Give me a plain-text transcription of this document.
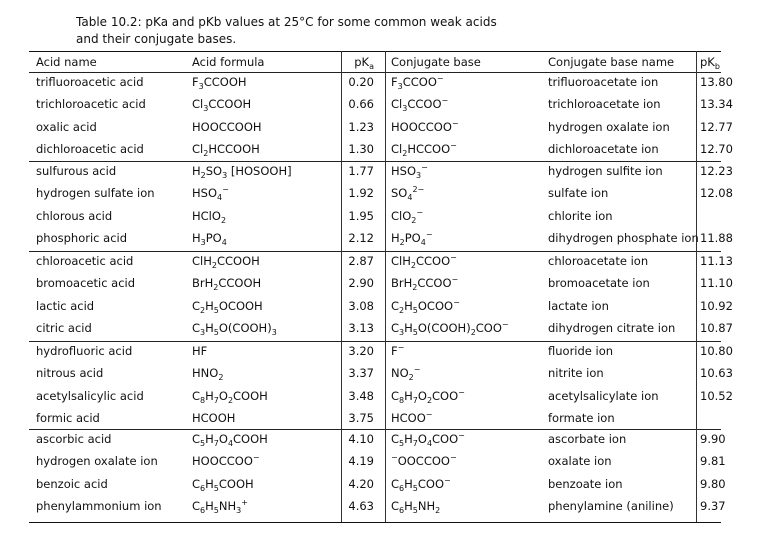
Table 10.2: pKa and pKb values at 25°C for some common weak acids
and their conjugate bases.
Acid name	Acid formula	$pK_a$ Conjugate base	Conjugate base name	$pK_b$
trifluoroacetic acid	$F_3CCOOH$	0.20 $F_3CCOO^-$	trifluoroacetate ion	13.80
trichloroacetic acid	$Cl_3CCOOH$	0.66 $Cl_3CCOO^-$	trichloroacetate ion	13.34
oxalic acid	HOOCCOOH	1.23 HOOCCOO−	hydrogen oxalate ion	12.77
dichloroacetic acid	$Cl_2HCCOOH$	1.30 $Cl_2HCCOO^-$	dichloroacetate ion	12.70
sulfurous acid	$H_2SO_3$ [HOSOOH]	1.77 $HSO_3^-$	hydrogen sulfite ion	12.23
hydrogen sulfate ion	$HSO_4^-$	1.92 $SO_4^{2-}$	sulfate ion	12.08
chlorous acid	HClO$_2$	1.95 ClO$_2$−	chlorite ion
phosphoric acid	$H_3PO_4$	2.12 $H_2PO_4^-$	dihydrogen phosphate ion 11.88
chloroacetic acid	ClH$_2$CCOOH	2.87 ClH$_2$CCOO−	chloroacetate ion	11.13
bromoacetic acid	BrH$_2$CCOOH	2.90 BrH$_2$CCOO−	bromoacetate ion	11.10
lactic acid	$C_2H_5OCOOH$	3.08 $C_2H_5OCOO^-$	lactate ion	10.92
citric acid	$C_3H_5O(COOH)_3$	3.13 $C_3H_5O(COOH)_2COO^-$	dihydrogen citrate ion	10.87
hydrofluoric acid	HF	3.20 F−	fluoride ion	10.80
nitrous acid	$HNO_2$	3.37 $NO_2^-$	nitrite ion	10.63
acetylsalicylic acid	$C_8H_7O_2COOH$	3.48 $C_8H_7O_2COO^-$	acetylsalicylate ion	10.52
formic acid	HCOOH	3.75 HCOO−	formate ion
ascorbic acid	$C_5H_7O_4COOH$	4.10 $C_5H_7O_4COO^-$	ascorbate ion	9.90
hydrogen oxalate ion	HOOCCOO−	4.19 −OOCCOO−	oxalate ion	9.81
benzoic acid	$C_6H_5COOH$	4.20 $C_6H_5COO^-$	benzoate ion	9.80
phenylammonium ion	$C_6H_5NH_3^+$	4.63 $C_6H_5NH_2$	phenylamine (aniline)	9.37
